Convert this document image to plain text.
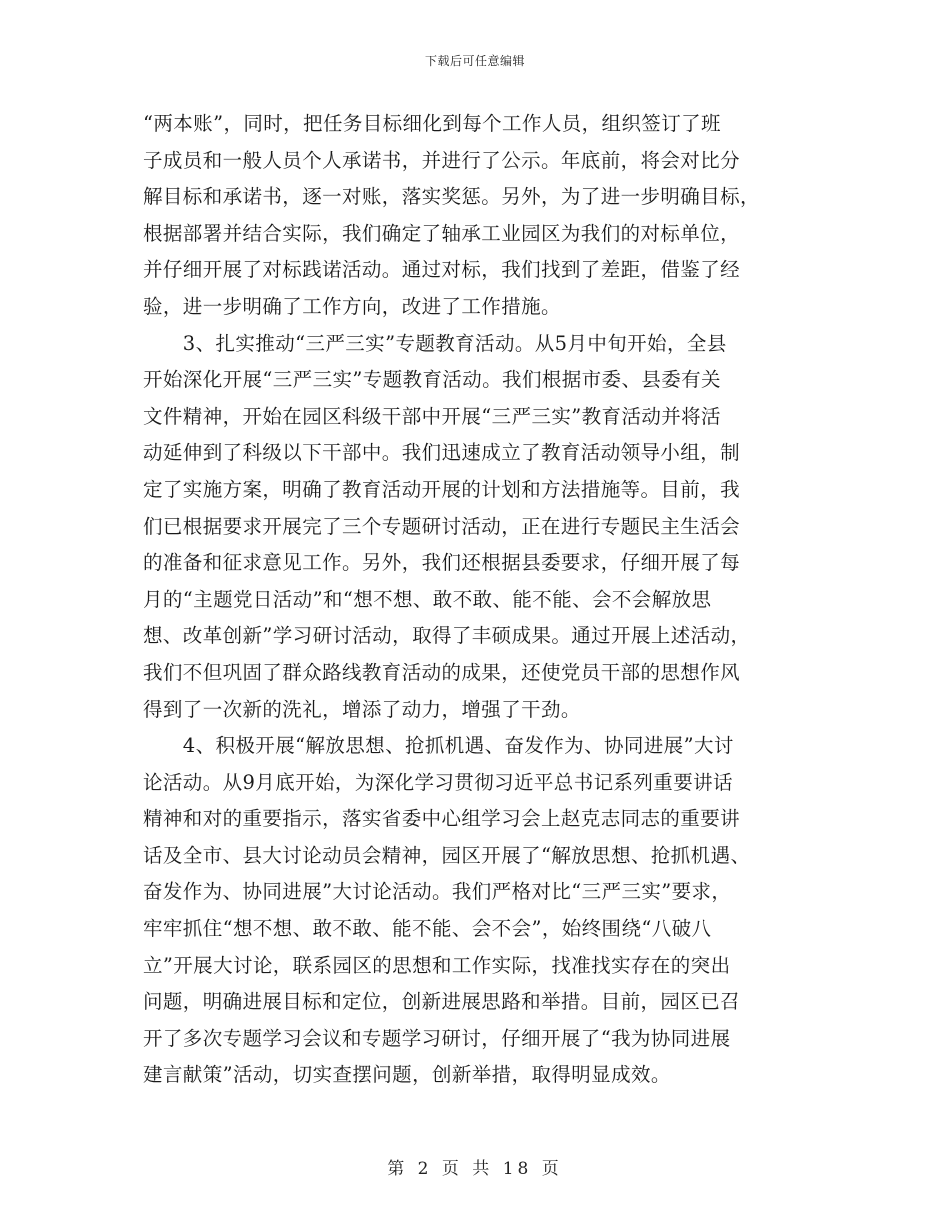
下载后可任意编辑
“两本账”，同时，把任务目标细化到每个工作人员，组织签订了班
子成员和一般人员个人承诺书，并进行了公示。年底前，将会对比分
解目标和承诺书，逐一对账，落实奖惩。另外，为了进一步明确目标，
根据部署并结合实际，我们确定了轴承工业园区为我们的对标单位，
并仔细开展了对标践诺活动。通过对标，我们找到了差距，借鉴了经
验，进一步明确了工作方向，改进了工作措施。
　　3、扎实推动“三严三实”专题教育活动。从5月中旬开始，全县
开始深化开展“三严三实”专题教育活动。我们根据市委、县委有关
文件精神，开始在园区科级干部中开展“三严三实”教育活动并将活
动延伸到了科级以下干部中。我们迅速成立了教育活动领导小组，制
定了实施方案，明确了教育活动开展的计划和方法措施等。目前，我
们已根据要求开展完了三个专题研讨活动，正在进行专题民主生活会
的准备和征求意见工作。另外，我们还根据县委要求，仔细开展了每
月的“主题党日活动”和“想不想、敢不敢、能不能、会不会解放思
想、改革创新”学习研讨活动，取得了丰硕成果。通过开展上述活动，
我们不但巩固了群众路线教育活动的成果，还使党员干部的思想作风
得到了一次新的洗礼，增添了动力，增强了干劲。
　　4、积极开展“解放思想、抢抓机遇、奋发作为、协同进展”大讨
论活动。从9月底开始，为深化学习贯彻习近平总书记系列重要讲话
精神和对的重要指示，落实省委中心组学习会上赵克志同志的重要讲
话及全市、县大讨论动员会精神，园区开展了“解放思想、抢抓机遇、
奋发作为、协同进展”大讨论活动。我们严格对比“三严三实”要求，
牢牢抓住“想不想、敢不敢、能不能、会不会”，始终围绕“八破八
立”开展大讨论，联系园区的思想和工作实际，找准找实存在的突出
问题，明确进展目标和定位，创新进展思路和举措。目前，园区已召
开了多次专题学习会议和专题学习研讨，仔细开展了“我为协同进展
建言献策”活动，切实查摆问题，创新举措，取得明显成效。
第 2 页 共 18 页
